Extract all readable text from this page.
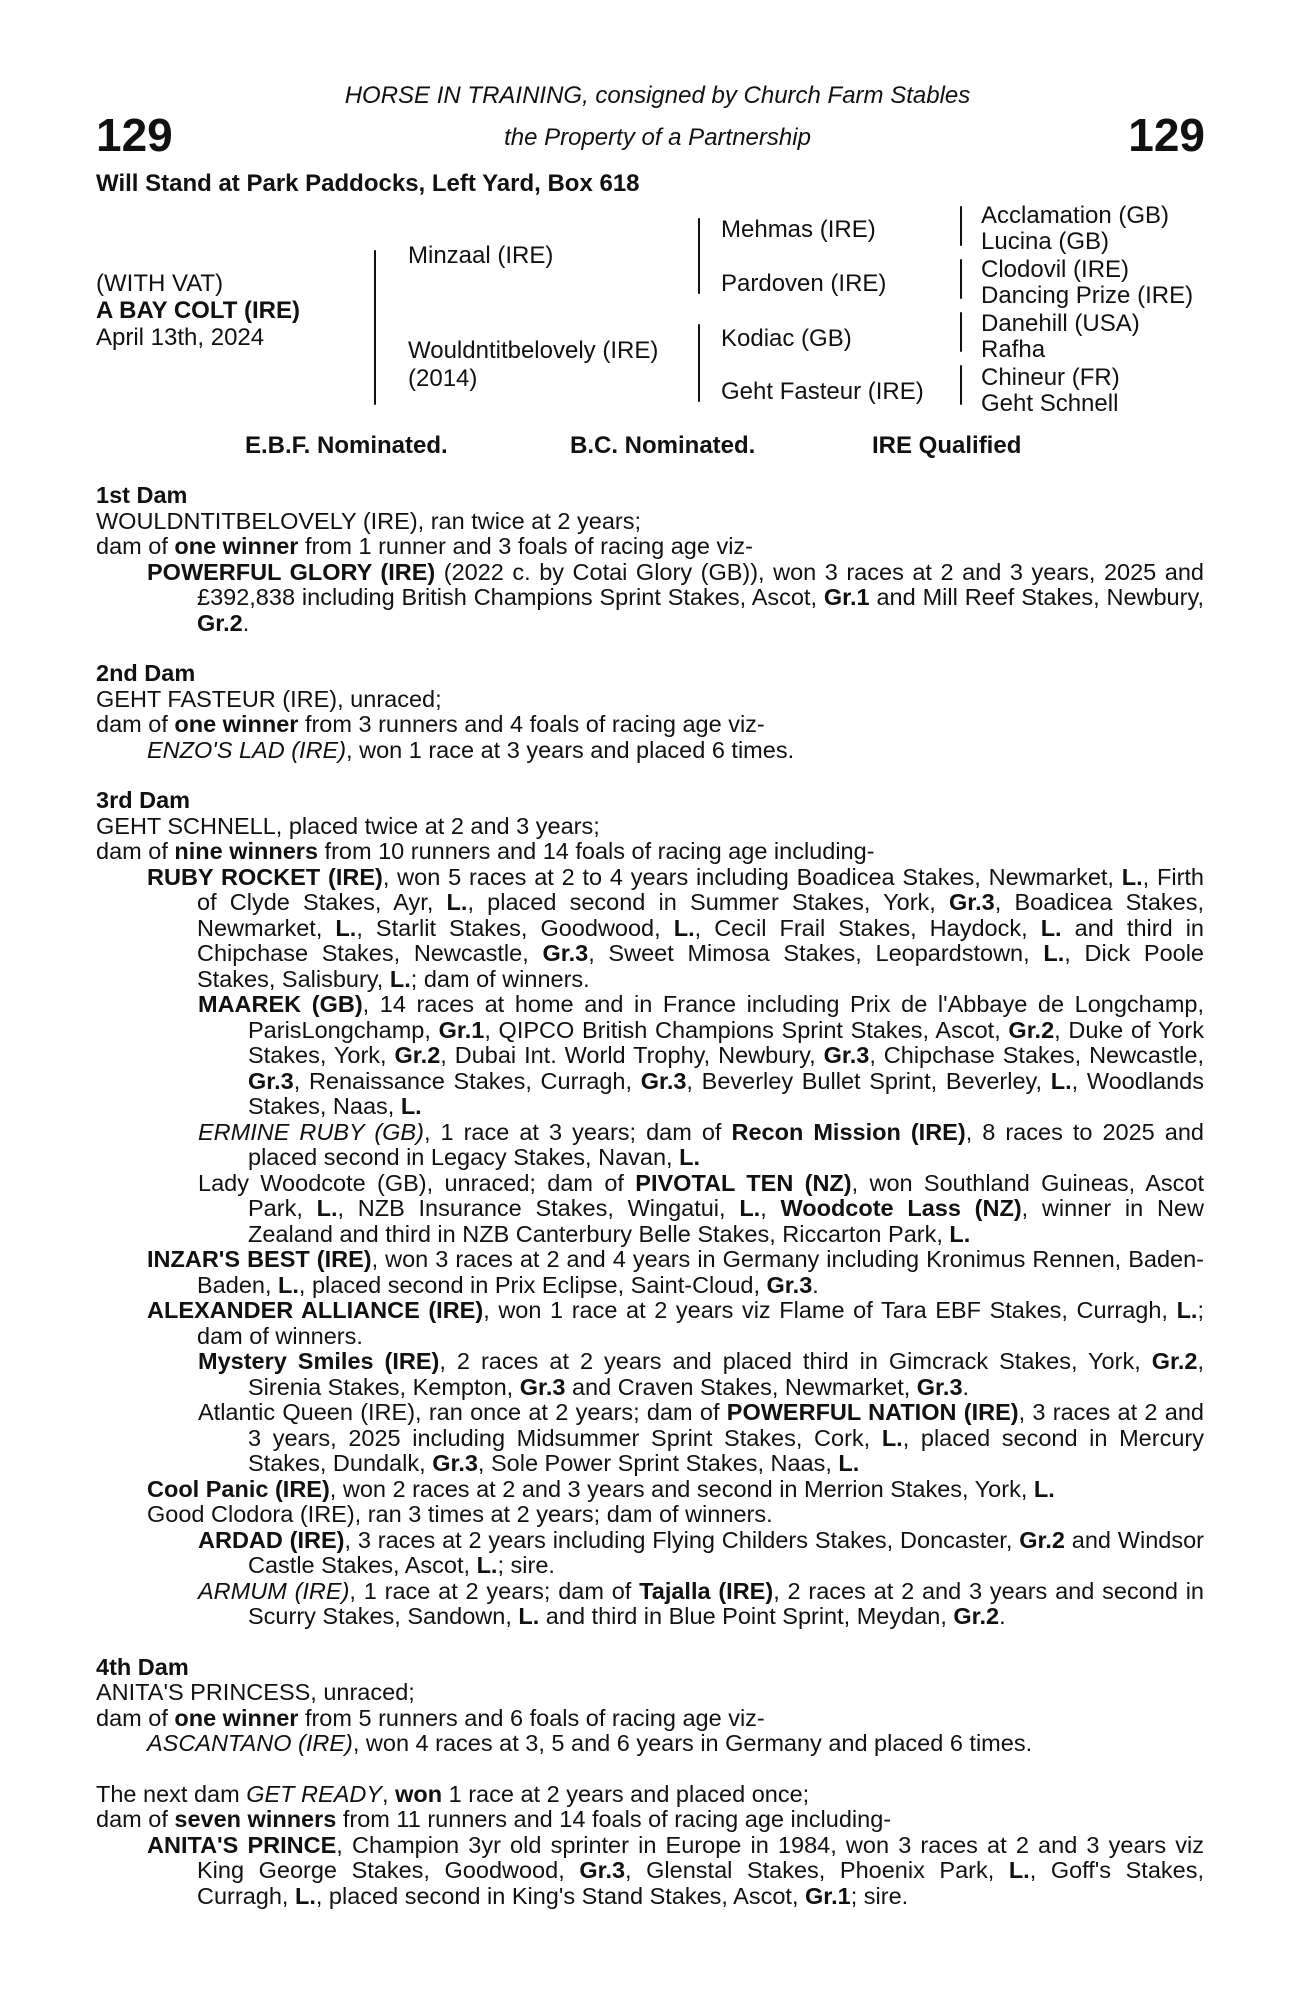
129	129
HORSE IN TRAINING, consigned by Church Farm Stables
the Property of a Partnership
Will Stand at Park Paddocks, Left Yard, Box 618
(WITH VAT)
A BAY COLT (IRE)
April 13th, 2024
Minzaal (IRE)
Wouldntitbelovely (IRE)
(2014)
Mehmas (IRE)
Pardoven (IRE)
Kodiac (GB)
Geht Fasteur (IRE)
Acclamation (GB)
Lucina (GB)
Clodovil (IRE)
Dancing Prize (IRE)
Danehill (USA)
Rafha
Chineur (FR)
Geht Schnell
E.B.F. Nominated.	B.C. Nominated.	IRE Qualified

1st Dam

WOULDNTITBELOVELY (IRE), ran twice at 2 years;

dam of one winner from 1 runner and 3 foals of racing age viz-

POWERFUL GLORY (IRE) (2022 c. by Cotai Glory (GB)), won 3 races at 2 and 3 years, 2025 and £392,838 including British Champions Sprint Stakes, Ascot, Gr.1 and Mill Reef Stakes, Newbury, Gr.2.

2nd Dam

GEHT FASTEUR (IRE), unraced;

dam of one winner from 3 runners and 4 foals of racing age viz-

ENZO'S LAD (IRE), won 1 race at 3 years and placed 6 times.

3rd Dam

GEHT SCHNELL, placed twice at 2 and 3 years;

dam of nine winners from 10 runners and 14 foals of racing age including-

RUBY ROCKET (IRE), won 5 races at 2 to 4 years including Boadicea Stakes, Newmarket, L., Firth of Clyde Stakes, Ayr, L., placed second in Summer Stakes, York, Gr.3, Boadicea Stakes, Newmarket, L., Starlit Stakes, Goodwood, L., Cecil Frail Stakes, Haydock, L. and third in Chipchase Stakes, Newcastle, Gr.3, Sweet Mimosa Stakes, Leopardstown, L., Dick Poole Stakes, Salisbury, L.; dam of winners.

MAAREK (GB), 14 races at home and in France including Prix de l'Abbaye de Longchamp, ParisLongchamp, Gr.1, QIPCO British Champions Sprint Stakes, Ascot, Gr.2, Duke of York Stakes, York, Gr.2, Dubai Int. World Trophy, Newbury, Gr.3, Chipchase Stakes, Newcastle, Gr.3, Renaissance Stakes, Curragh, Gr.3, Beverley Bullet Sprint, Beverley, L., Woodlands Stakes, Naas, L.

ERMINE RUBY (GB), 1 race at 3 years; dam of Recon Mission (IRE), 8 races to 2025 and placed second in Legacy Stakes, Navan, L.

Lady Woodcote (GB), unraced; dam of PIVOTAL TEN (NZ), won Southland Guineas, Ascot Park, L., NZB Insurance Stakes, Wingatui, L., Woodcote Lass (NZ), winner in New Zealand and third in NZB Canterbury Belle Stakes, Riccarton Park, L.

INZAR'S BEST (IRE), won 3 races at 2 and 4 years in Germany including Kronimus Rennen, Baden-Baden, L., placed second in Prix Eclipse, Saint-Cloud, Gr.3.

ALEXANDER ALLIANCE (IRE), won 1 race at 2 years viz Flame of Tara EBF Stakes, Curragh, L.; dam of winners.

Mystery Smiles (IRE), 2 races at 2 years and placed third in Gimcrack Stakes, York, Gr.2, Sirenia Stakes, Kempton, Gr.3 and Craven Stakes, Newmarket, Gr.3.

Atlantic Queen (IRE), ran once at 2 years; dam of POWERFUL NATION (IRE), 3 races at 2 and 3 years, 2025 including Midsummer Sprint Stakes, Cork, L., placed second in Mercury Stakes, Dundalk, Gr.3, Sole Power Sprint Stakes, Naas, L.

Cool Panic (IRE), won 2 races at 2 and 3 years and second in Merrion Stakes, York, L.

Good Clodora (IRE), ran 3 times at 2 years; dam of winners.

ARDAD (IRE), 3 races at 2 years including Flying Childers Stakes, Doncaster, Gr.2 and Windsor Castle Stakes, Ascot, L.; sire.

ARMUM (IRE), 1 race at 2 years; dam of Tajalla (IRE), 2 races at 2 and 3 years and second in Scurry Stakes, Sandown, L. and third in Blue Point Sprint, Meydan, Gr.2.

4th Dam

ANITA'S PRINCESS, unraced;

dam of one winner from 5 runners and 6 foals of racing age viz-

ASCANTANO (IRE), won 4 races at 3, 5 and 6 years in Germany and placed 6 times.

The next dam GET READY, won 1 race at 2 years and placed once;

dam of seven winners from 11 runners and 14 foals of racing age including-

ANITA'S PRINCE, Champion 3yr old sprinter in Europe in 1984, won 3 races at 2 and 3 years viz King George Stakes, Goodwood, Gr.3, Glenstal Stakes, Phoenix Park, L., Goff's Stakes, Curragh, L., placed second in King's Stand Stakes, Ascot, Gr.1; sire.
